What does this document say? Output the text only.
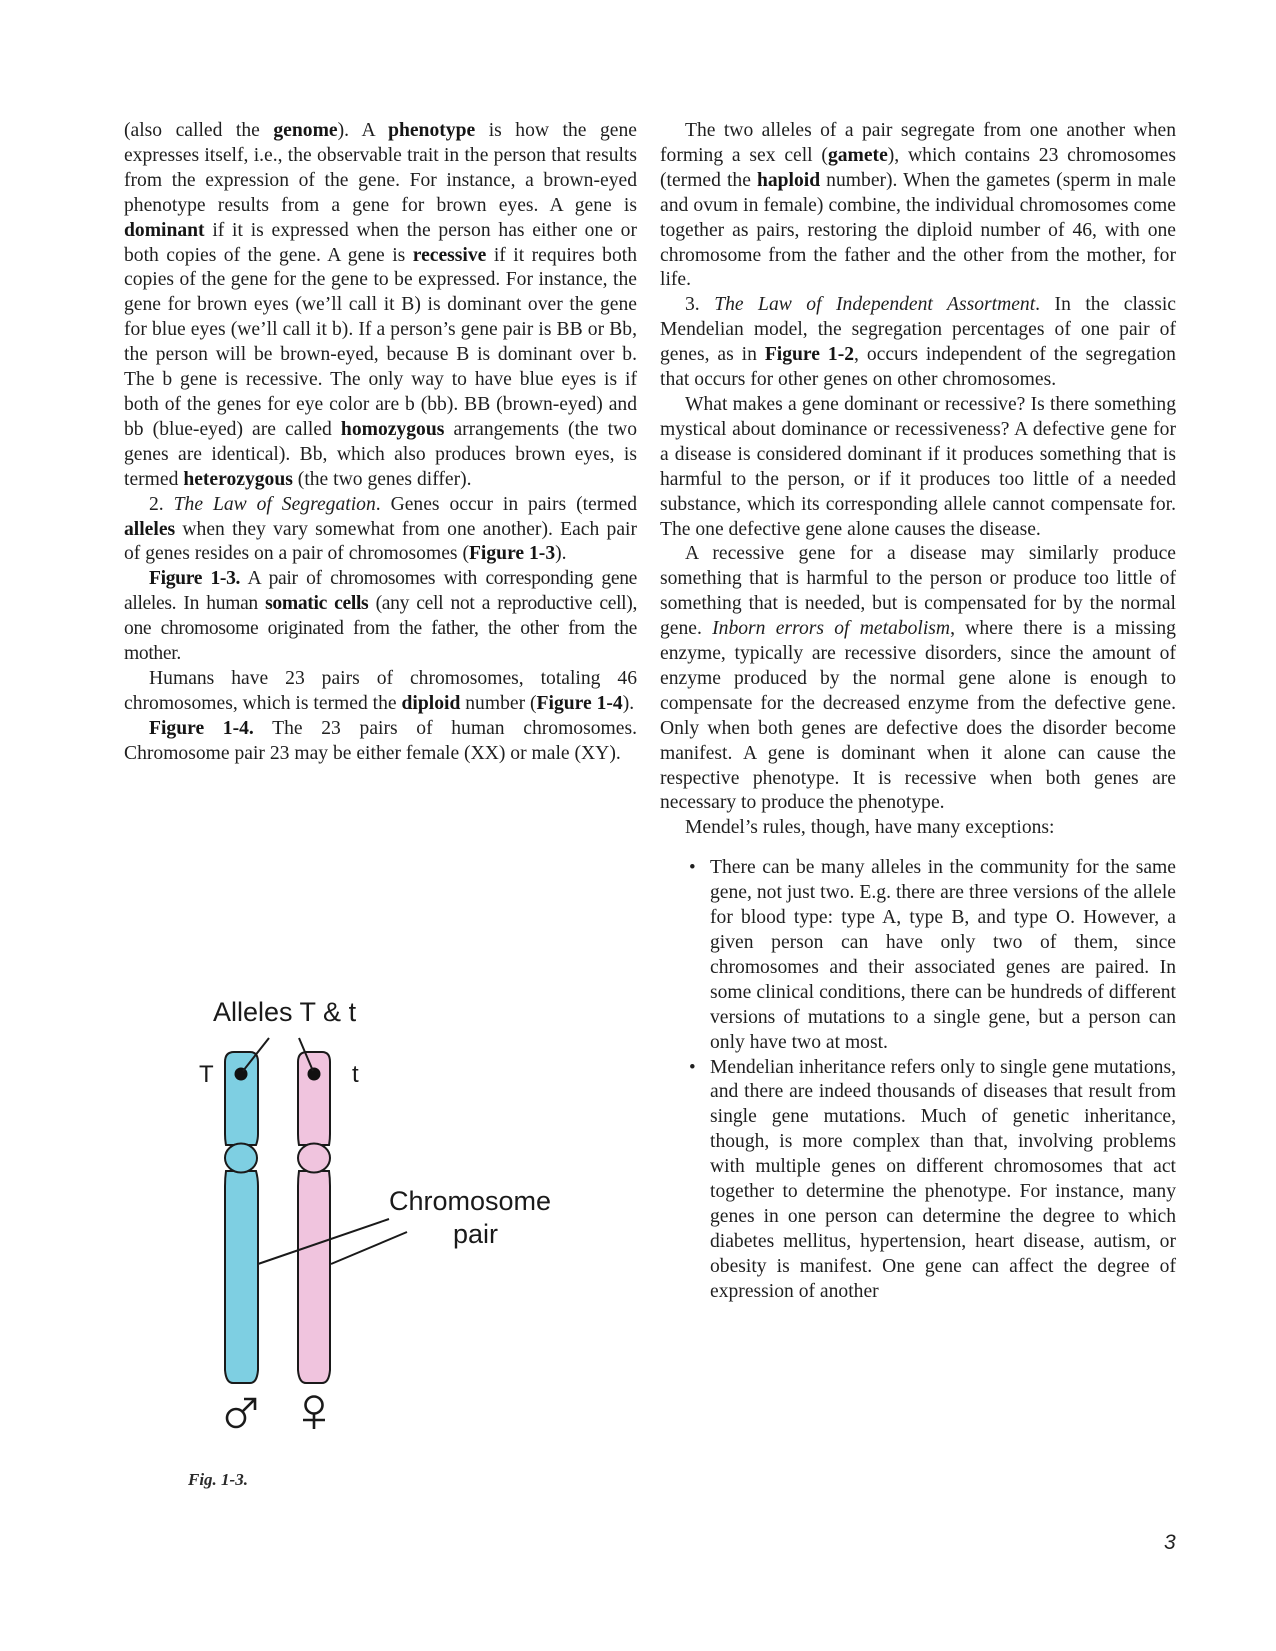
(also called the genome). A phenotype is how the gene expresses itself, i.e., the observable trait in the person that results from the expression of the gene. For instance, a brown-eyed phenotype results from a gene for brown eyes. A gene is dominant if it is expressed when the person has either one or both copies of the gene. A gene is recessive if it requires both copies of the gene for the gene to be expressed. For instance, the gene for brown eyes (we’ll call it B) is dominant over the gene for blue eyes (we’ll call it b). If a person’s gene pair is BB or Bb, the person will be brown-eyed, because B is dominant over b. The b gene is recessive. The only way to have blue eyes is if both of the genes for eye color are b (bb). BB (brown-eyed) and bb (blue-eyed) are called homozygous arrangements (the two genes are identical). Bb, which also produces brown eyes, is termed heterozygous (the two genes differ).

2. The Law of Segregation. Genes occur in pairs (termed alleles when they vary somewhat from one another). Each pair of genes resides on a pair of chromosomes (Figure 1-3).

Figure 1-3. A pair of chromosomes with corresponding gene alleles. In human somatic cells (any cell not a reproductive cell), one chromosome originated from the father, the other from the mother.

Humans have 23 pairs of chromosomes, totaling 46 chromosomes, which is termed the diploid number (Figure 1-4).

Figure 1-4. The 23 pairs of human chromosomes. Chromosome pair 23 may be either female (XX) or male (XY).

The two alleles of a pair segregate from one another when forming a sex cell (gamete), which contains 23 chromosomes (termed the haploid number). When the gametes (sperm in male and ovum in female) combine, the individual chromosomes come together as pairs, restoring the diploid number of 46, with one chromosome from the father and the other from the mother, for life.

3. The Law of Independent Assortment. In the classic Mendelian model, the segregation percentages of one pair of genes, as in Figure 1-2, occurs independent of the segregation that occurs for other genes on other chromosomes.

What makes a gene dominant or recessive? Is there something mystical about dominance or recessiveness? A defective gene for a disease is considered dominant if it produces something that is harmful to the person, or if it produces too little of a needed substance, which its corresponding allele cannot compensate for. The one defective gene alone causes the disease.

A recessive gene for a disease may similarly produce something that is harmful to the person or produce too little of something that is needed, but is compensated for by the normal gene. Inborn errors of metabolism, where there is a missing enzyme, typically are recessive disorders, since the amount of enzyme produced by the normal gene alone is enough to compensate for the decreased enzyme from the defective gene. Only when both genes are defective does the disorder become manifest. A gene is dominant when it alone can cause the respective phenotype. It is recessive when both genes are necessary to produce the phenotype.

Mendel’s rules, though, have many exceptions:

• There can be many alleles in the community for the same gene, not just two. E.g. there are three versions of the allele for blood type: type A, type B, and type O. However, a given person can have only two of them, since chromosomes and their associated genes are paired. In some clinical conditions, there can be hundreds of different versions of mutations to a single gene, but a person can only have two at most.
• Mendelian inheritance refers only to single gene mutations, and there are indeed thousands of diseases that result from single gene mutations. Much of genetic inheritance, though, is more complex than that, involving problems with multiple genes on different chromosomes that act together to determine the phenotype. For instance, many genes in one person can determine the degree to which diabetes mellitus, hypertension, heart disease, autism, or obesity is manifest. One gene can affect the degree of expression of another
Alleles T & t
T	t
Chromosome
pair
Fig. 1-3.
3
